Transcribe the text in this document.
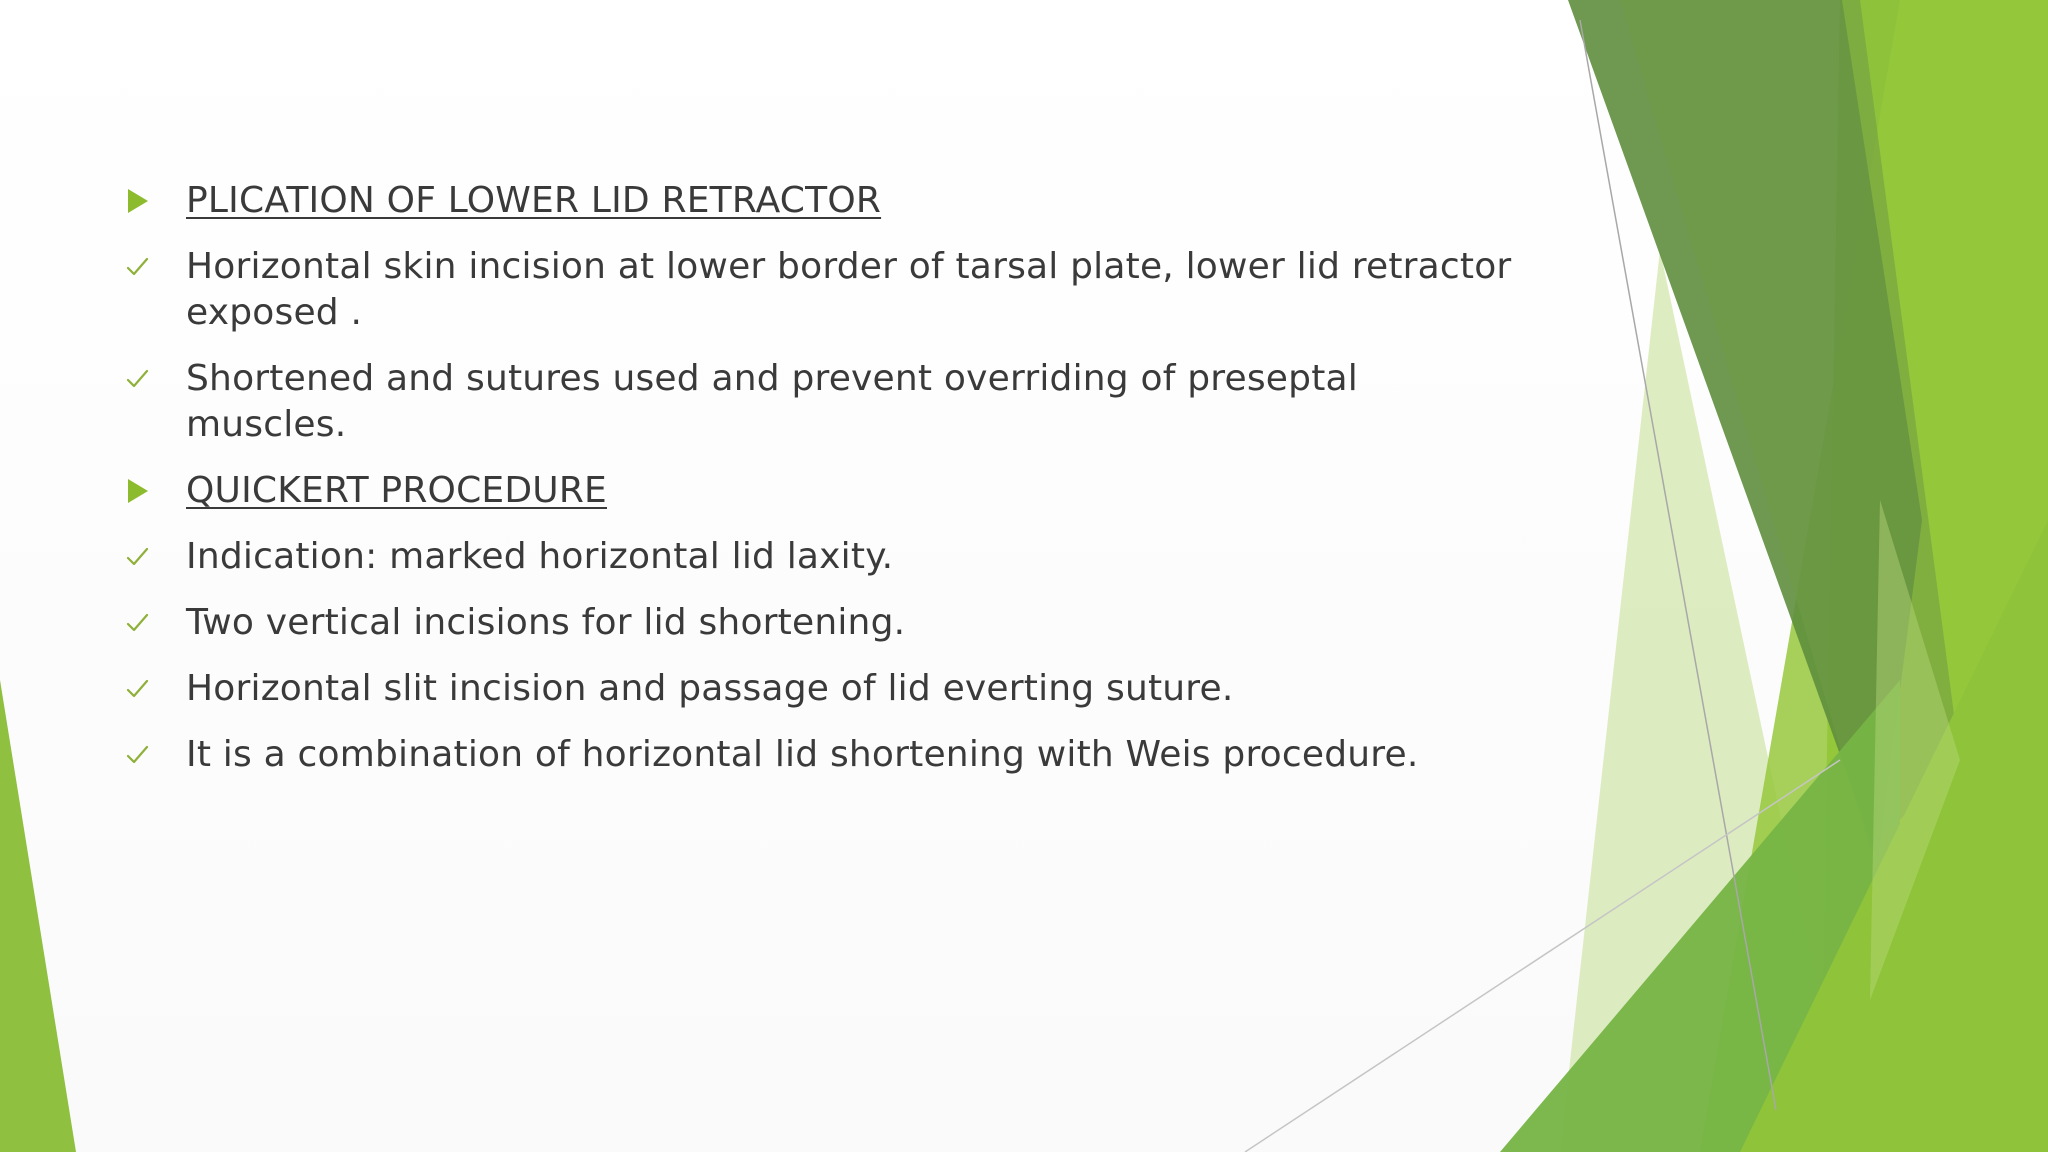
PLICATION OF LOWER LID RETRACTOR
Horizontal skin incision at lower border of tarsal plate, lower lid retractor exposed .
Shortened and sutures used and prevent overriding of preseptal muscles.
QUICKERT PROCEDURE
Indication: marked horizontal lid laxity.
Two vertical incisions for lid shortening.
Horizontal slit incision and passage of lid everting suture.
It is a combination of horizontal lid shortening with Weis procedure.
